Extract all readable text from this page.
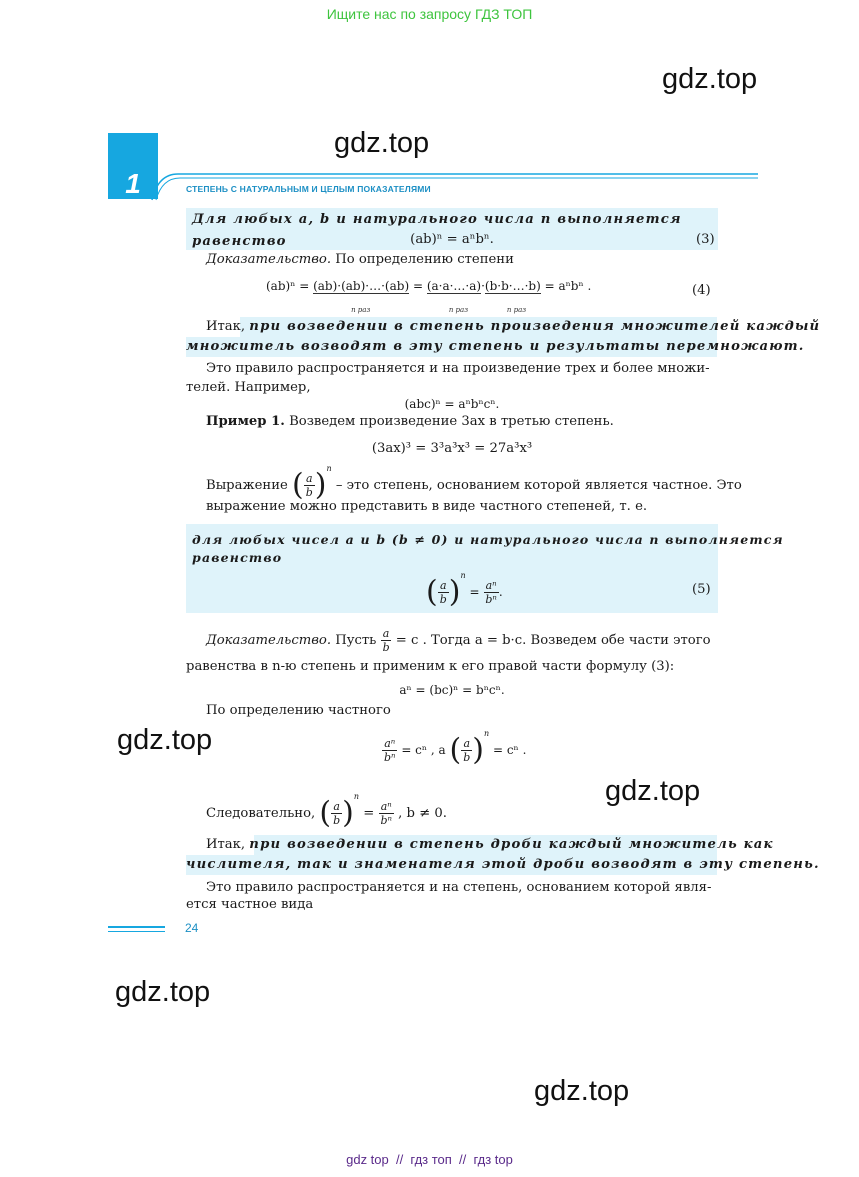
Ищите нас по запросу ГДЗ ТОП
gdz.top
gdz.top
gdz.top
gdz.top
gdz.top
gdz.top
1	СТЕПЕНЬ С НАТУРАЛЬНЫМ И ЦЕЛЫМ ПОКАЗАТЕЛЯМИ
Для любых a, b и натурального числа n выполняется равенство	(ab)ⁿ = aⁿbⁿ.	(3)
Доказательство. По определению степени
(ab)ⁿ = (ab)·(ab)·…·(ab)
n раз
= (a·a·…·a)
n раз
·(b·b·…·b)
n раз
= aⁿbⁿ .	(4)
Итак, при возведении в степень произведения множителей каждый
множитель возводят в эту степень и результаты перемножают.
Это правило распространяется и на произведение трех и более множи-
телей. Например,
(abc)ⁿ = aⁿbⁿcⁿ.
Пример 1. Возведем произведение 3ax в третью степень.
(3ax)³ = 3³a³x³ = 27a³x³
Выражение ( $\frac{a}{b} )^n$ – это степень, основанием которой является частное. Это
выражение можно представить в виде частного степеней, т. е.
для любых чисел a и b (b ≠ 0) и натурального числа n выполняется
равенство
( $\frac{a}{b} )^n = \frac{\text{aⁿ}}{\text{bⁿ}}$ .	(5)
Доказательство. Пусть $\frac{a}{b} = c$ . Тогда a = b·c. Возведем обе части этого
равенства в n-ю степень и применим к его правой части формулу (3):
aⁿ = (bc)ⁿ = bⁿcⁿ.
По определению частного
$\frac{\text{aⁿ}}{\text{bⁿ}} = c^n$ , а ( $\frac{a}{b} )^n = c^n$ .
Следовательно, ( $\frac{a}{b} )^n = \frac{\text{aⁿ}}{\text{bⁿ}}$ , b ≠ 0.
Итак, при возведении в степень дроби каждый множитель как
числителя, так и знаменателя этой дроби возводят в эту степень.
Это правило распространяется и на степень, основанием которой явля-
ется частное вида
24
gdz top  //  гдз топ  //  гдз top
